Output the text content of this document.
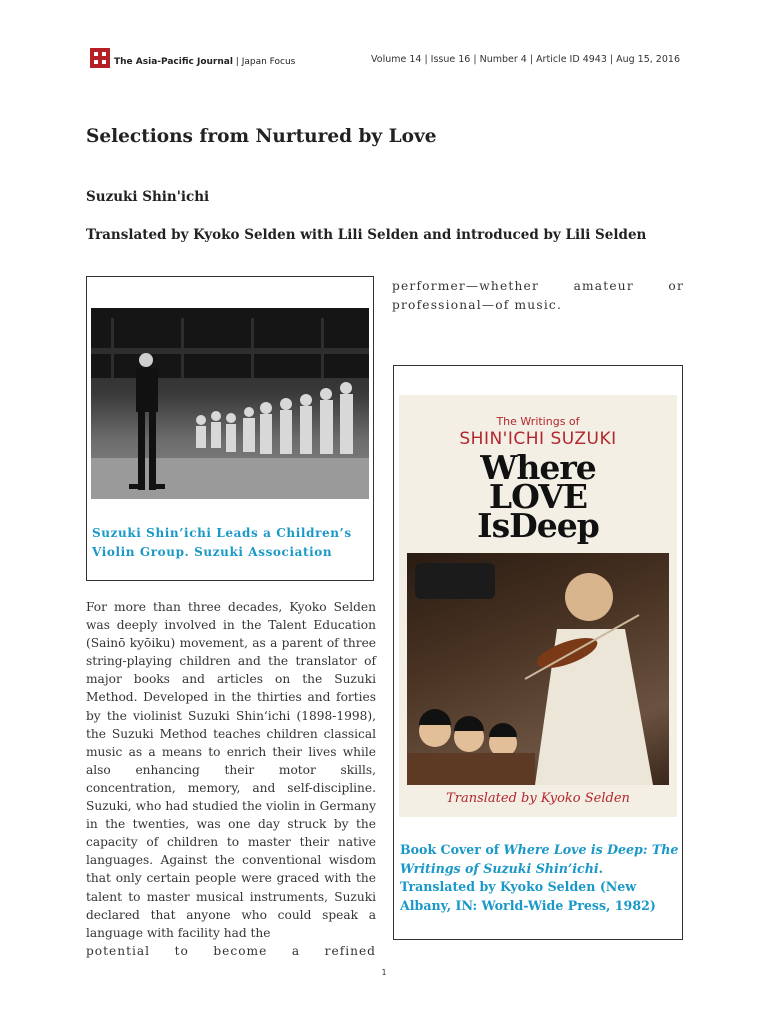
The Asia-Pacific Journal | Japan Focus	Volume 14 | Issue 16 | Number 4 | Article ID 4943 | Aug 15, 2016
Selections from Nurtured by Love
Suzuki Shin'ichi
Translated by Kyoko Selden with Lili Selden and introduced by Lili Selden
Suzuki Shin’ichi Leads a Children’s
Violin Group. Suzuki Association
For more than three decades, Kyoko Selden was deeply involved in the Talent Education (Sainō kyōiku) movement, as a parent of three string-playing children and the translator of major books and articles on the Suzuki Method. Developed in the thirties and forties by the violinist Suzuki Shin‘ichi (1898-1998), the Suzuki Method teaches children classical music as a means to enrich their lives while also enhancing their motor skills, concentration, memory, and self-discipline. Suzuki, who had studied the violin in Germany in the twenties, was one day struck by the capacity of children to master their native languages. Against the conventional wisdom that only certain people were graced with the talent to master musical instruments, Suzuki declared that anyone who could speak a language with facility had the
potential to become a refined
performer—whether amateur or
professional—of music.
The Writings of
SHIN'ICHI SUZUKI
Where
LOVE
IsDeep
Translated by Kyoko Selden
Book Cover of Where Love is Deep: The Writings of Suzuki Shin’ichi. Translated by Kyoko Selden (New Albany, IN: World-Wide Press, 1982)
1
